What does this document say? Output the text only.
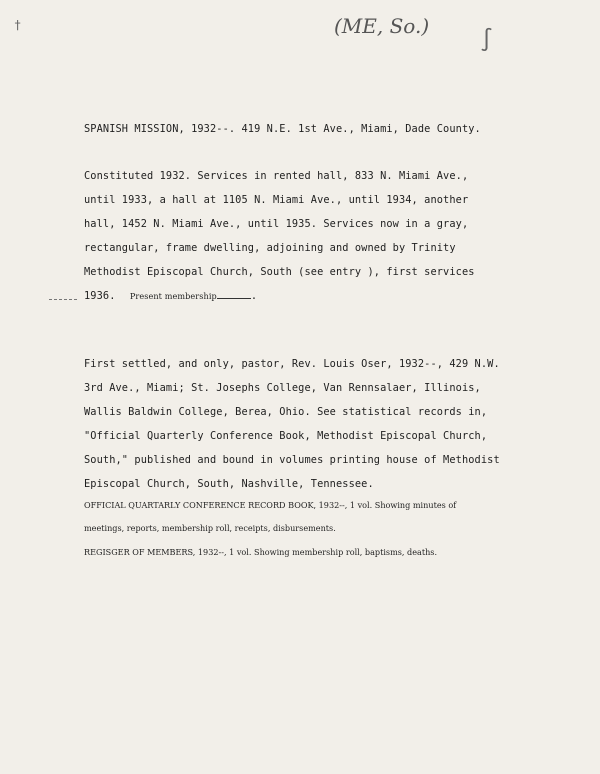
(ME, So.)
†
∫
SPANISH MISSION, 1932--. 419 N.E. 1st Ave., Miami, Dade County.
Constituted 1932. Services in rented hall, 833 N. Miami Ave.,
until 1933, a hall at 1105 N. Miami Ave., until 1934, another
hall, 1452 N. Miami Ave., until 1935. Services now in a gray,
rectangular, frame dwelling, adjoining and owned by Trinity
Methodist Episcopal Church, South (see entry ), first services
1936. Present membership	.
First settled, and only, pastor, Rev. Louis Oser, 1932--, 429 N.W.
3rd Ave., Miami; St. Josephs College, Van Rennsalaer, Illinois,
Wallis Baldwin College, Berea, Ohio. See statistical records in,
"Official Quarterly Conference Book, Methodist Episcopal Church,
South," published and bound in volumes printing house of Methodist
Episcopal Church, South, Nashville, Tennessee.
OFFICIAL QUARTARLY CONFERENCE RECORD BOOK, 1932--, 1 vol. Showing minutes of
meetings, reports, membership roll, receipts, disbursements.
REGISGER OF MEMBERS, 1932--, 1 vol. Showing membership roll, baptisms, deaths.
